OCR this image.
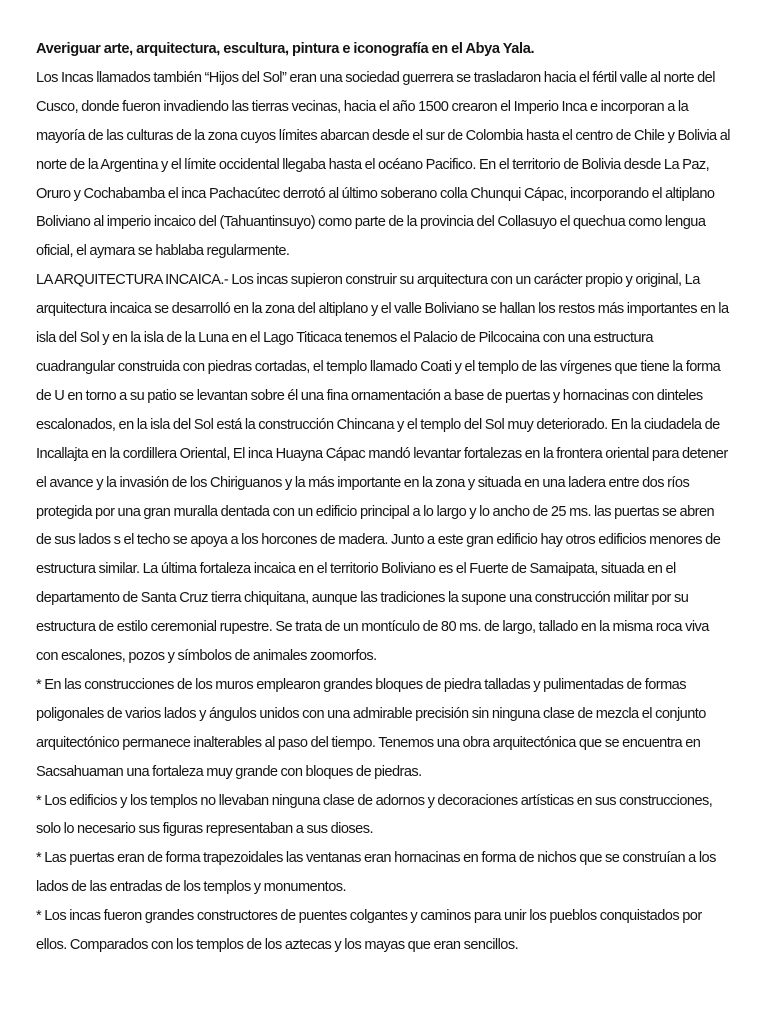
Averiguar arte, arquitectura, escultura, pintura e iconografía en el Abya Yala.

Los Incas llamados también “Hijos del Sol” eran una sociedad guerrera se trasladaron hacia el fértil valle al norte del Cusco, donde fueron invadiendo las tierras vecinas, hacia el año 1500 crearon el Imperio Inca e incorporan a la mayoría de las culturas de la zona cuyos límites abarcan desde el sur de Colombia hasta el centro de Chile y Bolivia al norte de la Argentina y el límite occidental llegaba hasta el océano Pacifico. En el territorio de Bolivia desde La Paz, Oruro y Cochabamba el inca Pachacútec derrotó al último soberano colla Chunqui Cápac, incorporando el altiplano Boliviano al imperio incaico del (Tahuantinsuyo) como parte de la provincia del Collasuyo el quechua como lengua oficial, el aymara se hablaba regularmente.

LA ARQUITECTURA INCAICA.- Los incas supieron construir su arquitectura con un carácter propio y original, La arquitectura incaica se desarrolló en la zona del altiplano y el valle Boliviano se hallan los restos más importantes en la isla del Sol y en la isla de la Luna en el Lago Titicaca tenemos el Palacio de Pilcocaina con una estructura cuadrangular construida con piedras cortadas, el templo llamado Coati y el templo de las vírgenes que tiene la forma de U en torno a su patio se levantan sobre él una fina ornamentación a base de puertas y hornacinas con dinteles escalonados, en la isla del Sol está la construcción Chincana y el templo del Sol muy deteriorado. En la ciudadela de Incallajta en la cordillera Oriental, El inca Huayna Cápac mandó levantar fortalezas en la frontera oriental para detener el avance y la invasión de los Chiriguanos y la más importante en la zona y situada en una ladera entre dos ríos protegida por una gran muralla dentada con un edificio principal a lo largo y lo ancho de 25 ms. las puertas se abren de sus lados s el techo se apoya a los horcones de madera. Junto a este gran edificio hay otros edificios menores de estructura similar. La última fortaleza incaica en el territorio Boliviano es el Fuerte de Samaipata, situada en el departamento de Santa Cruz tierra chiquitana, aunque las tradiciones la supone una construcción militar por su estructura de estilo ceremonial rupestre. Se trata de un montículo de 80 ms. de largo, tallado en la misma roca viva con escalones, pozos y símbolos de animales zoomorfos.

* En las construcciones de los muros emplearon grandes bloques de piedra talladas y pulimentadas de formas poligonales de varios lados y ángulos unidos con una admirable precisión sin ninguna clase de mezcla el conjunto arquitectónico permanece inalterables al paso del tiempo. Tenemos una obra arquitectónica que se encuentra en Sacsahuaman una fortaleza muy grande con bloques de piedras.

* Los edificios y los templos no llevaban ninguna clase de adornos y decoraciones artísticas en sus construcciones, solo lo necesario sus figuras representaban a sus dioses.

* Las puertas eran de forma trapezoidales las ventanas eran hornacinas en forma de nichos que se construían a los lados de las entradas de los templos y monumentos.

* Los incas fueron grandes constructores de puentes colgantes y caminos para unir los pueblos conquistados por ellos. Comparados con los templos de los aztecas y los mayas que eran sencillos.
